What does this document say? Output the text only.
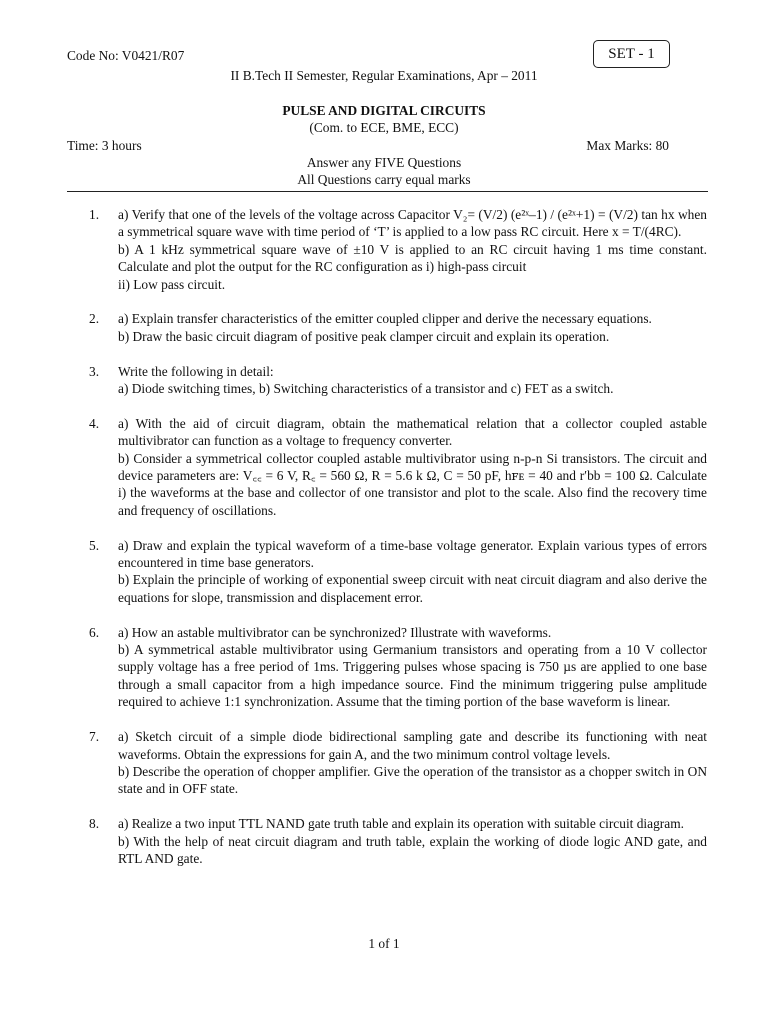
Code No: V0421/R07	SET - 1
II B.Tech II Semester, Regular Examinations, Apr – 2011
PULSE AND DIGITAL CIRCUITS
(Com. to ECE, BME, ECC)
Time: 3 hours	Max Marks: 80
Answer any FIVE Questions
All Questions carry equal marks
1.	a) Verify that one of the levels of the voltage across Capacitor V₂= (V/2) (e²ˣ–1) / (e²ˣ+1) = (V/2) tan hx when a symmetrical square wave with time period of ‘T’ is applied to a low pass RC circuit. Here x = T/(4RC).

b) A 1 kHz symmetrical square wave of ±10 V is applied to an RC circuit having 1 ms time constant. Calculate and plot the output for the RC configuration as i) high-pass circuit

ii) Low pass circuit.

2.	a) Explain transfer characteristics of the emitter coupled clipper and derive the necessary equations.

b) Draw the basic circuit diagram of positive peak clamper circuit and explain its operation.

3.	Write the following in detail:

a) Diode switching times, b) Switching characteristics of a transistor and c) FET as a switch.

4.	a) With the aid of circuit diagram, obtain the mathematical relation that a collector coupled astable multivibrator can function as a voltage to frequency converter.

b) Consider a symmetrical collector coupled astable multivibrator using n-p-n Si transistors. The circuit and device parameters are: V꜀꜀ = 6 V, R꜀ = 560 Ω, R = 5.6 k Ω, C = 50 pF, hꜰᴇ = 40 and r′bb = 100 Ω. Calculate i) the waveforms at the base and collector of one transistor and plot to the scale. Also find the recovery time and frequency of oscillations.

5.	a) Draw and explain the typical waveform of a time-base voltage generator. Explain various types of errors encountered in time base generators.

b) Explain the principle of working of exponential sweep circuit with neat circuit diagram and also derive the equations for slope, transmission and displacement error.

6.	a) How an astable multivibrator can be synchronized? Illustrate with waveforms.

b) A symmetrical astable multivibrator using Germanium transistors and operating from a 10 V collector supply voltage has a free period of 1ms. Triggering pulses whose spacing is 750 µs are applied to one base through a small capacitor from a high impedance source. Find the minimum triggering pulse amplitude required to achieve 1:1 synchronization. Assume that the timing portion of the base waveform is linear.

7.	a) Sketch circuit of a simple diode bidirectional sampling gate and describe its functioning with neat waveforms. Obtain the expressions for gain A, and the two minimum control voltage levels.

b) Describe the operation of chopper amplifier. Give the operation of the transistor as a chopper switch in ON state and in OFF state.

8.	a) Realize a two input TTL NAND gate truth table and explain its operation with suitable circuit diagram.

b) With the help of neat circuit diagram and truth table, explain the working of diode logic AND gate, and RTL AND gate.

1 of 1
